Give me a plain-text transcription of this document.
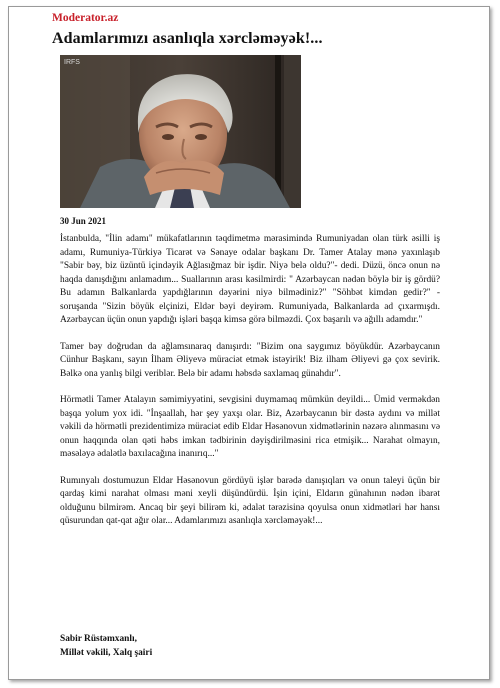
Moderator.az
Adamlarımızı asanlıqla xərcləməyək!...
IRFS
30 Jun 2021

İstanbulda, "İlin adamı" mükafatlarının təqdimetmə mərasimində Rumuniyadan olan türk əsilli iş adamı, Rumuniya-Türkiyə Ticarət və Sənaye odalar başkanı Dr. Tamer Atalay mənə yaxınlaşıb "Sabir bəy, biz üzüntü içindəyik Ağlasığmaz bir işdir. Niyə belə oldu?"- dedi. Düzü, öncə onun nə haqda danışdığını anlamadım... Suallarının arası kəsilmirdi: " Azərbaycan nədən böylə bir iş gördü? Bu adamın Balkanlarda yapdığlarının dəyərini niyə bilmədiniz?" "Söhbət kimdən gedir?" - soruşanda "Sizin böyük elçinizi, Eldər bəyi deyirəm. Rumuniyada, Balkanlarda ad çıxarmışdı. Azərbaycan üçün onun yapdığı işləri başqa kimsə görə bilməzdi. Çox başarılı və ağıllı adamdır."

Tamer bəy doğrudan da ağlamsınaraq danışırdı: "Bizim ona saygımız böyükdür. Azərbaycanın Cünhur Başkanı, sayın İlham Əliyevə müraciət etmək istəyirik! Biz ilham Əliyevi gə çox sevirik. Bəlkə ona yanlış bilgi veriblər. Belə bir adamı həbsdə saxlamaq günahdır".

Hörmətli Tamer Atalayın səmimiyyətini, sevgisini duymamaq mümkün deyildi... Ümid verməkdən başqa yolum yox idi. "İnşaallah, hər şey yaxşı olar. Biz, Azərbaycanın bir dəstə aydını və millət vəkili də hörmətli prezidentimizə müraciət edib Eldar Həsənovun xidmətlərinin nəzərə alınmasını və onun haqqında olan qəti həbs imkan tədbirinin dəyişdirilməsini rica etmişik... Narahat olmayın, məsələyə ədalətlə baxılacağına inanırıq..."

Rumınyalı dostumuzun Eldar Həsənovun gördüyü işlər barədə danışıqları və onun taleyi üçün bir qardaş kimi narahat olması məni xeyli düşündürdü. İşin içini, Eldarın günahının nədən ibarət olduğunu bilmirəm. Ancaq bir şeyi bilirəm ki, ədalət tərəzisinə qoyulsa onun xidmətləri hər hansı qüsurundan qat-qat ağır olar... Adamlarımızı asanlıqla xərcləməyək!...

Sabir Rüstəmxanlı,
Millət vəkili, Xalq şairi
